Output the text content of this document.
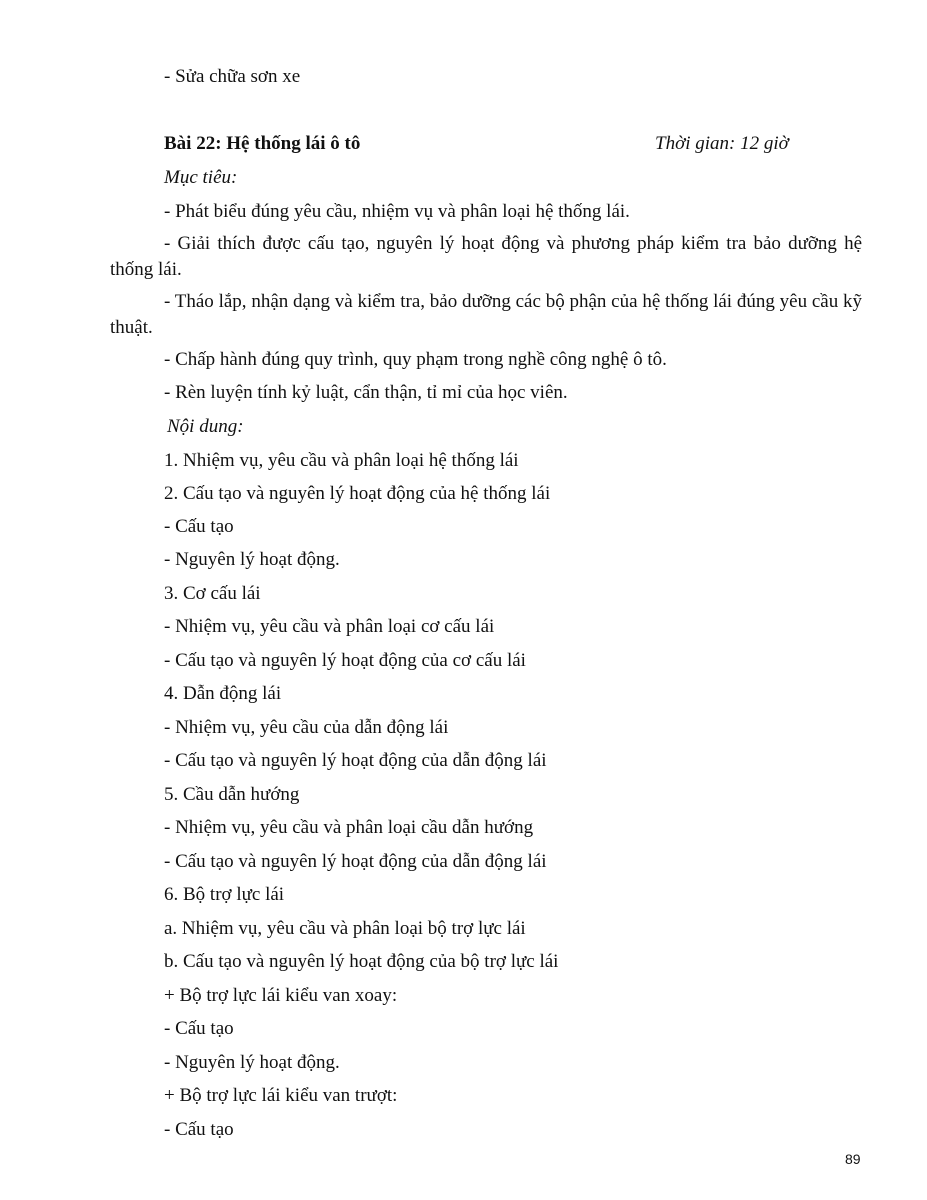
- Sửa chữa sơn xe
Bài 22: Hệ thống lái ô tô	Thời gian: 12 giờ
Mục tiêu:
- Phát biểu đúng yêu cầu, nhiệm vụ và phân loại hệ thống lái.
- Giải thích được cấu tạo, nguyên lý hoạt động và phương pháp kiểm tra bảo dưỡng hệ thống lái.
- Tháo lắp, nhận dạng và kiểm tra, bảo dưỡng các bộ phận của hệ thống lái đúng yêu cầu kỹ thuật.
- Chấp hành đúng quy trình, quy phạm trong nghề công nghệ ô tô.
- Rèn luyện tính kỷ luật, cẩn thận, tỉ mỉ của học viên.
Nội dung:
1. Nhiệm vụ, yêu cầu và phân loại hệ thống lái
2. Cấu tạo và nguyên lý hoạt động của hệ thống lái
- Cấu tạo
- Nguyên lý hoạt động.
3. Cơ cấu lái
- Nhiệm vụ, yêu cầu và phân loại cơ cấu lái
- Cấu tạo và nguyên lý hoạt động của cơ cấu lái
4. Dẫn động lái
- Nhiệm vụ, yêu cầu của dẫn động lái
- Cấu tạo và nguyên lý hoạt động của dẫn động lái
5. Cầu dẫn hướng
- Nhiệm vụ, yêu cầu và phân loại cầu dẫn hướng
- Cấu tạo và nguyên lý hoạt động của dẫn động lái
6. Bộ trợ lực lái
a. Nhiệm vụ, yêu cầu và phân loại bộ trợ lực lái
b. Cấu tạo và nguyên lý hoạt động của bộ trợ lực lái
+ Bộ trợ lực lái kiểu van xoay:
- Cấu tạo
- Nguyên lý hoạt động.
+ Bộ trợ lực lái kiểu van trượt:
- Cấu tạo
89
